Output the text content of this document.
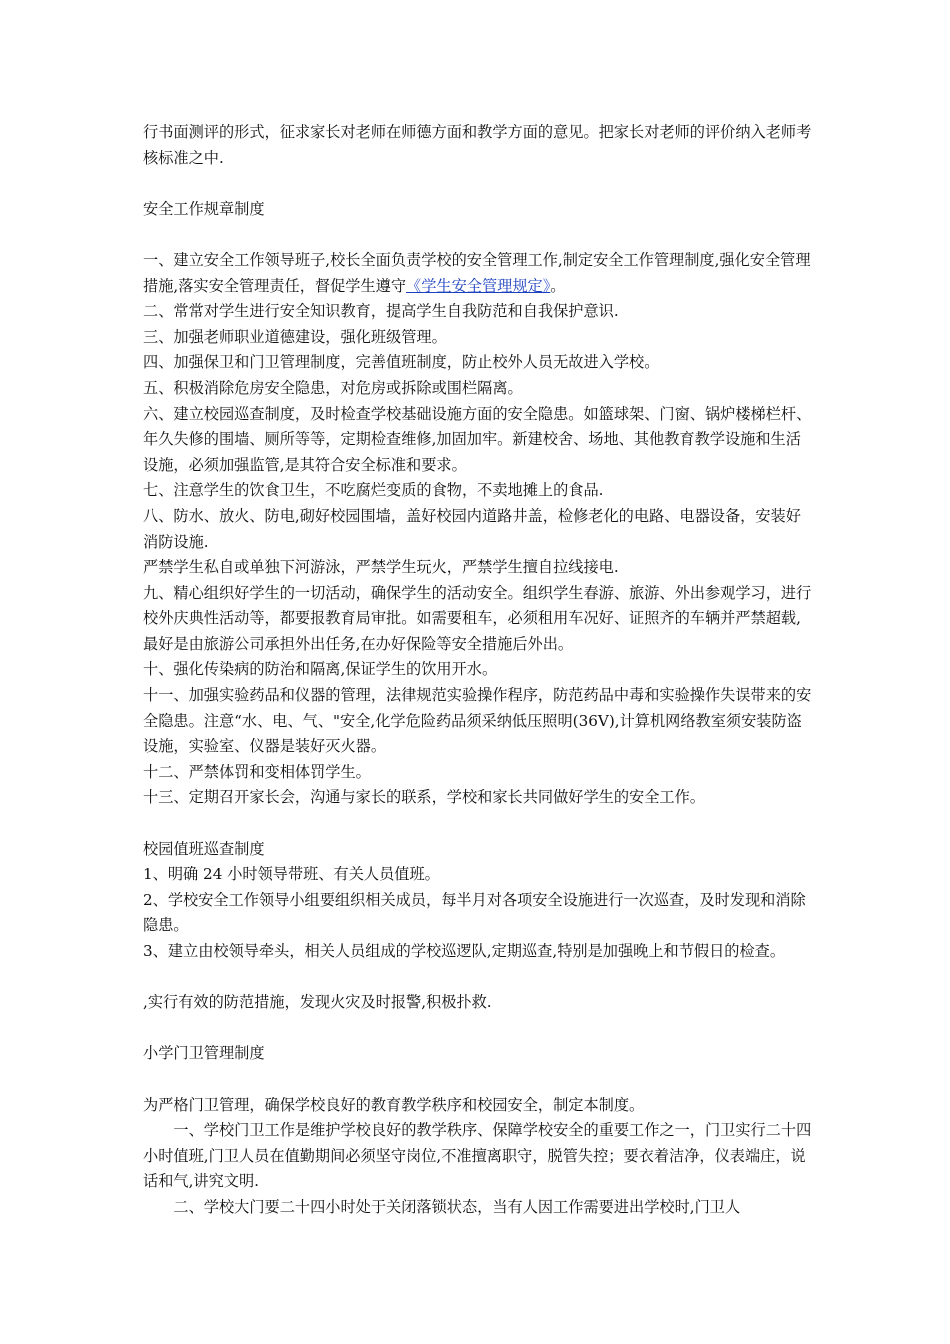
行书面测评的形式，征求家长对老师在师德方面和教学方面的意见。把家长对老师的评价纳入老师考核标准之中.

安全工作规章制度

一、建立安全工作领导班子,校长全面负责学校的安全管理工作,制定安全工作管理制度,强化安全管理措施,落实安全管理责任，督促学生遵守《学生安全管理规定》。

二、常常对学生进行安全知识教育，提高学生自我防范和自我保护意识.

三、加强老师职业道德建设，强化班级管理。

四、加强保卫和门卫管理制度，完善值班制度，防止校外人员无故进入学校。

五、积极消除危房安全隐患，对危房或拆除或围栏隔离。

六、建立校园巡查制度，及时检查学校基础设施方面的安全隐患。如篮球架、门窗、锅炉楼梯栏杆、年久失修的围墙、厕所等等，定期检查维修,加固加牢。新建校舍、场地、其他教育教学设施和生活设施，必须加强监管,是其符合安全标准和要求。

七、注意学生的饮食卫生，不吃腐烂变质的食物，不卖地摊上的食品.

八、防水、放火、防电,砌好校园围墙，盖好校园内道路井盖，检修老化的电路、电器设备，安装好消防设施.

严禁学生私自或单独下河游泳，严禁学生玩火，严禁学生擅自拉线接电.

九、精心组织好学生的一切活动，确保学生的活动安全。组织学生春游、旅游、外出参观学习，进行校外庆典性活动等，都要报教育局审批。如需要租车，必须租用车况好、证照齐的车辆并严禁超载,最好是由旅游公司承担外出任务,在办好保险等安全措施后外出。

十、强化传染病的防治和隔离,保证学生的饮用开水。

十一、加强实验药品和仪器的管理，法律规范实验操作程序，防范药品中毒和实验操作失误带来的安全隐患。注意“水、电、气、"安全,化学危险药品须采纳低压照明(36V),计算机网络教室须安装防盗设施，实验室、仪器是装好灭火器。

十二、严禁体罚和变相体罚学生。

十三、定期召开家长会，沟通与家长的联系，学校和家长共同做好学生的安全工作。

校园值班巡查制度

1、明确 24 小时领导带班、有关人员值班。

2、学校安全工作领导小组要组织相关成员，每半月对各项安全设施进行一次巡查，及时发现和消除隐患。

3、建立由校领导牵头，相关人员组成的学校巡逻队,定期巡查,特别是加强晚上和节假日的检查。

,实行有效的防范措施，发现火灾及时报警,积极扑救.

小学门卫管理制度

为严格门卫管理，确保学校良好的教育教学秩序和校园安全，制定本制度。

一、学校门卫工作是维护学校良好的教学秩序、保障学校安全的重要工作之一，门卫实行二十四小时值班,门卫人员在值勤期间必须坚守岗位,不准擅离职守，脱管失控；要衣着洁净，仪表端庄，说话和气,讲究文明.

二、学校大门要二十四小时处于关闭落锁状态，当有人因工作需要进出学校时,门卫人
